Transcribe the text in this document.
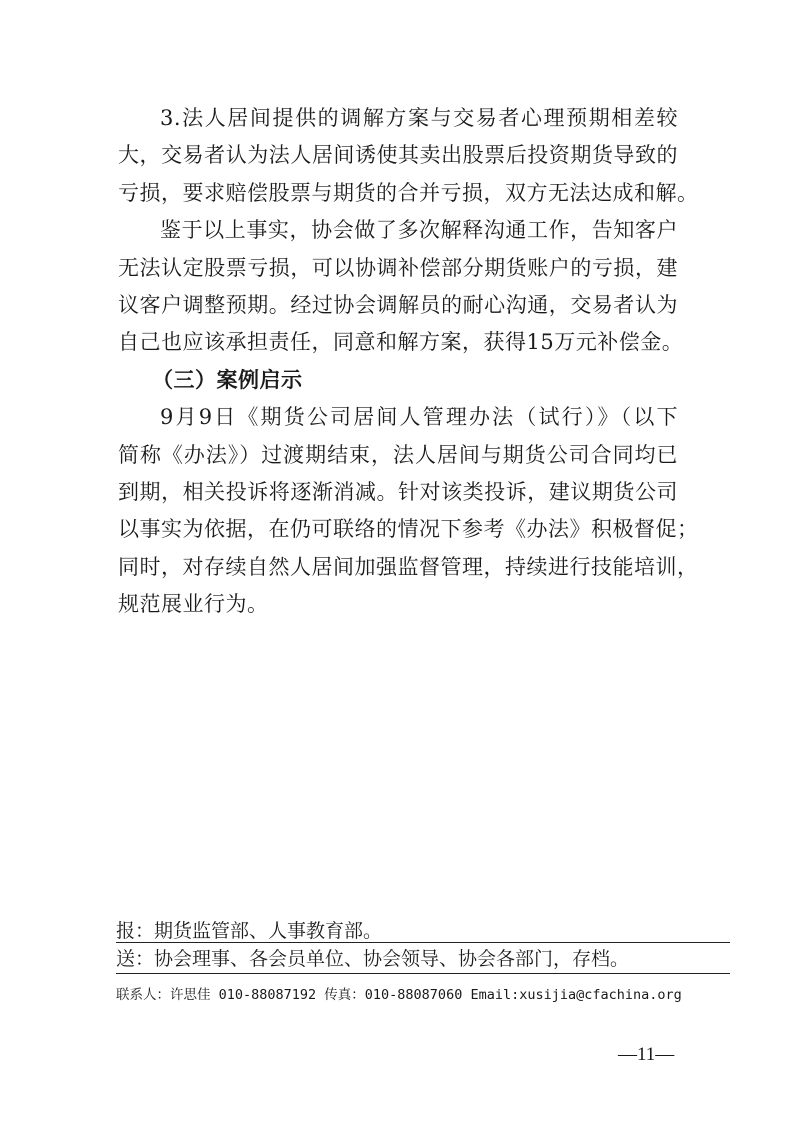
3.法人居间提供的调解方案与交易者心理预期相差较
大，交易者认为法人居间诱使其卖出股票后投资期货导致的
亏损，要求赔偿股票与期货的合并亏损，双方无法达成和解。
鉴于以上事实，协会做了多次解释沟通工作，告知客户
无法认定股票亏损，可以协调补偿部分期货账户的亏损，建
议客户调整预期。经过协会调解员的耐心沟通，交易者认为
自己也应该承担责任，同意和解方案，获得15万元补偿金。
（三）案例启示
9月9日《期货公司居间人管理办法（试行）》（以下
简称《办法》）过渡期结束，法人居间与期货公司合同均已
到期，相关投诉将逐渐消减。针对该类投诉，建议期货公司
以事实为依据，在仍可联络的情况下参考《办法》积极督促；
同时，对存续自然人居间加强监督管理，持续进行技能培训，
规范展业行为。
报：期货监管部、人事教育部。
送：协会理事、各会员单位、协会领导、协会各部门，存档。
联系人：许思佳 010-88087192 传真：010-88087060 Email:xusijia@cfachina.org
—11—
